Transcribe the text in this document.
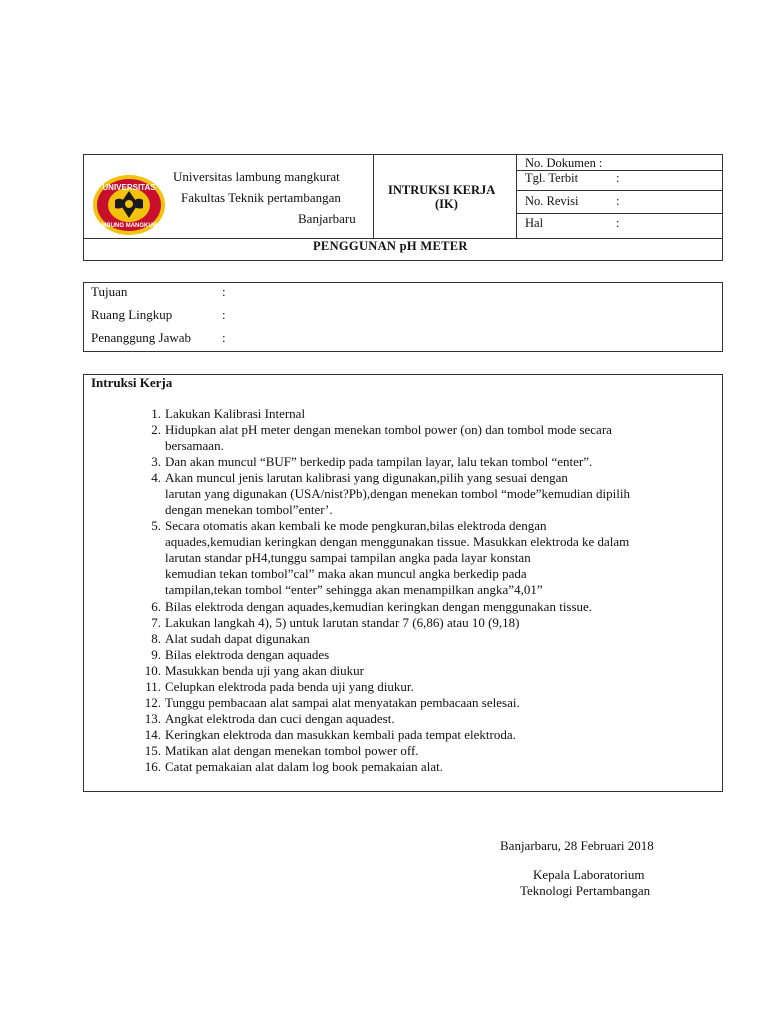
UNIVERSITAS
LAMBUNG MANGKURAT
Universitas lambung mangkurat
Fakultas Teknik pertambangan
Banjarbaru
INTRUKSI KERJA
(IK)
No. Dokumen :
Tgl. Terbit	:
No. Revisi	:
Hal	:
PENGGUNAN pH METER
Tujuan	:
Ruang Lingkup	:
Penanggung Jawab :
Intruksi Kerja
1. Lakukan Kalibrasi Internal
2. Hidupkan alat pH meter dengan menekan tombol power (on) dan tombol mode secara
bersamaan.
3. Dan akan muncul “BUF” berkedip pada tampilan layar, lalu tekan tombol “enter”.
4. Akan muncul jenis larutan kalibrasi yang digunakan,pilih yang sesuai dengan
larutan yang digunakan (USA/nist?Pb),dengan menekan tombol “mode”kemudian dipilih
dengan menekan tombol”enter’.
5. Secara otomatis akan kembali ke mode pengkuran,bilas elektroda dengan
aquades,kemudian keringkan dengan menggunakan tissue. Masukkan elektroda ke dalam
larutan standar pH4,tunggu sampai tampilan angka pada layar konstan
kemudian tekan tombol”cal” maka akan muncul angka berkedip pada
tampilan,tekan tombol “enter” sehingga akan menampilkan angka”4,01”
6. Bilas elektroda dengan aquades,kemudian keringkan dengan menggunakan tissue.
7. Lakukan langkah 4), 5) untuk larutan standar 7 (6,86) atau 10 (9,18)
8. Alat sudah dapat digunakan
9. Bilas elektroda dengan aquades
10. Masukkan benda uji yang akan diukur
11. Celupkan elektroda pada benda uji yang diukur.
12. Tunggu pembacaan alat sampai alat menyatakan pembacaan selesai.
13. Angkat elektroda dan cuci dengan aquadest.
14. Keringkan elektroda dan masukkan kembali pada tempat elektroda.
15. Matikan alat dengan menekan tombol power off.
16. Catat pemakaian alat dalam log book pemakaian alat.
Banjarbaru, 28 Februari 2018
Kepala Laboratorium
Teknologi Pertambangan
